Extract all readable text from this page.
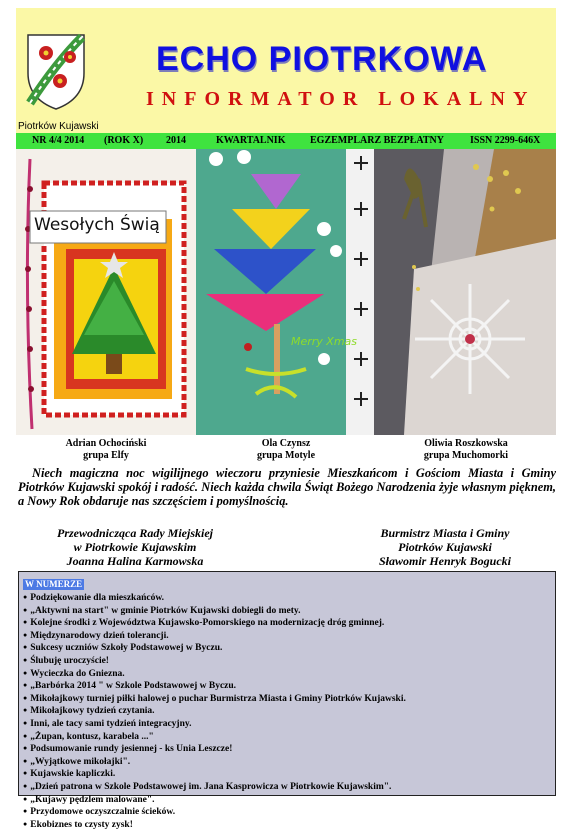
ECHO PIOTRKOWA
INFORMATOR LOKALNY
Piotrków Kujawski
NR 4/4 2014 (ROK X) 2014	KWARTALNIK EGZEMPLARZ BEZPŁATNY	ISSN 2299-646X
Wesołych Świą
Merry Xmas
Adrian Ochociński
grupa Elfy
Ola Czynsz
grupa Motyle
Oliwia Roszkowska
grupa Muchomorki
Niech magiczna noc wigilijnego wieczoru przyniesie Mieszkańcom i Gościom Miasta i Gminy Piotrków Kujawski spokój i radość. Niech każda chwila Świąt Bożego Narodzenia żyje własnym pięknem, a Nowy Rok obdaruje nas szczęściem i pomyślnością.
Przewodnicząca Rady Miejskiej
w Piotrkowie Kujawskim
Joanna Halina Karmowska
Burmistrz Miasta i Gminy
Piotrków Kujawski
Sławomir Henryk Bogucki
W NUMERZE
● Podziękowanie dla mieszkańców.
● „Aktywni na start" w gminie Piotrków Kujawski dobiegli do mety.
● Kolejne środki z Województwa Kujawsko-Pomorskiego na modernizację dróg gminnej.
● Międzynarodowy dzień tolerancji.
● Sukcesy uczniów Szkoły Podstawowej w Byczu.
● Ślubuję uroczyście!
● Wycieczka do Gniezna.
● „Barbórka 2014 " w Szkole Podstawowej w Byczu.
● Mikołajkowy turniej piłki halowej o puchar Burmistrza Miasta i Gminy Piotrków Kujawski.
● Mikołajkowy tydzień czytania.
● Inni, ale tacy sami tydzień integracyjny.
● „Żupan, kontusz, karabela ..."
● Podsumowanie rundy jesiennej - ks Unia Leszcze!
● „Wyjątkowe mikołajki".
● Kujawskie kapliczki.
● „Dzień patrona w Szkole Podstawowej im. Jana Kasprowicza w Piotrkowie Kujawskim".
● „Kujawy pędzlem malowane".
● Przydomowe oczyszczalnie ścieków.
● Ekobiznes to czysty zysk!
